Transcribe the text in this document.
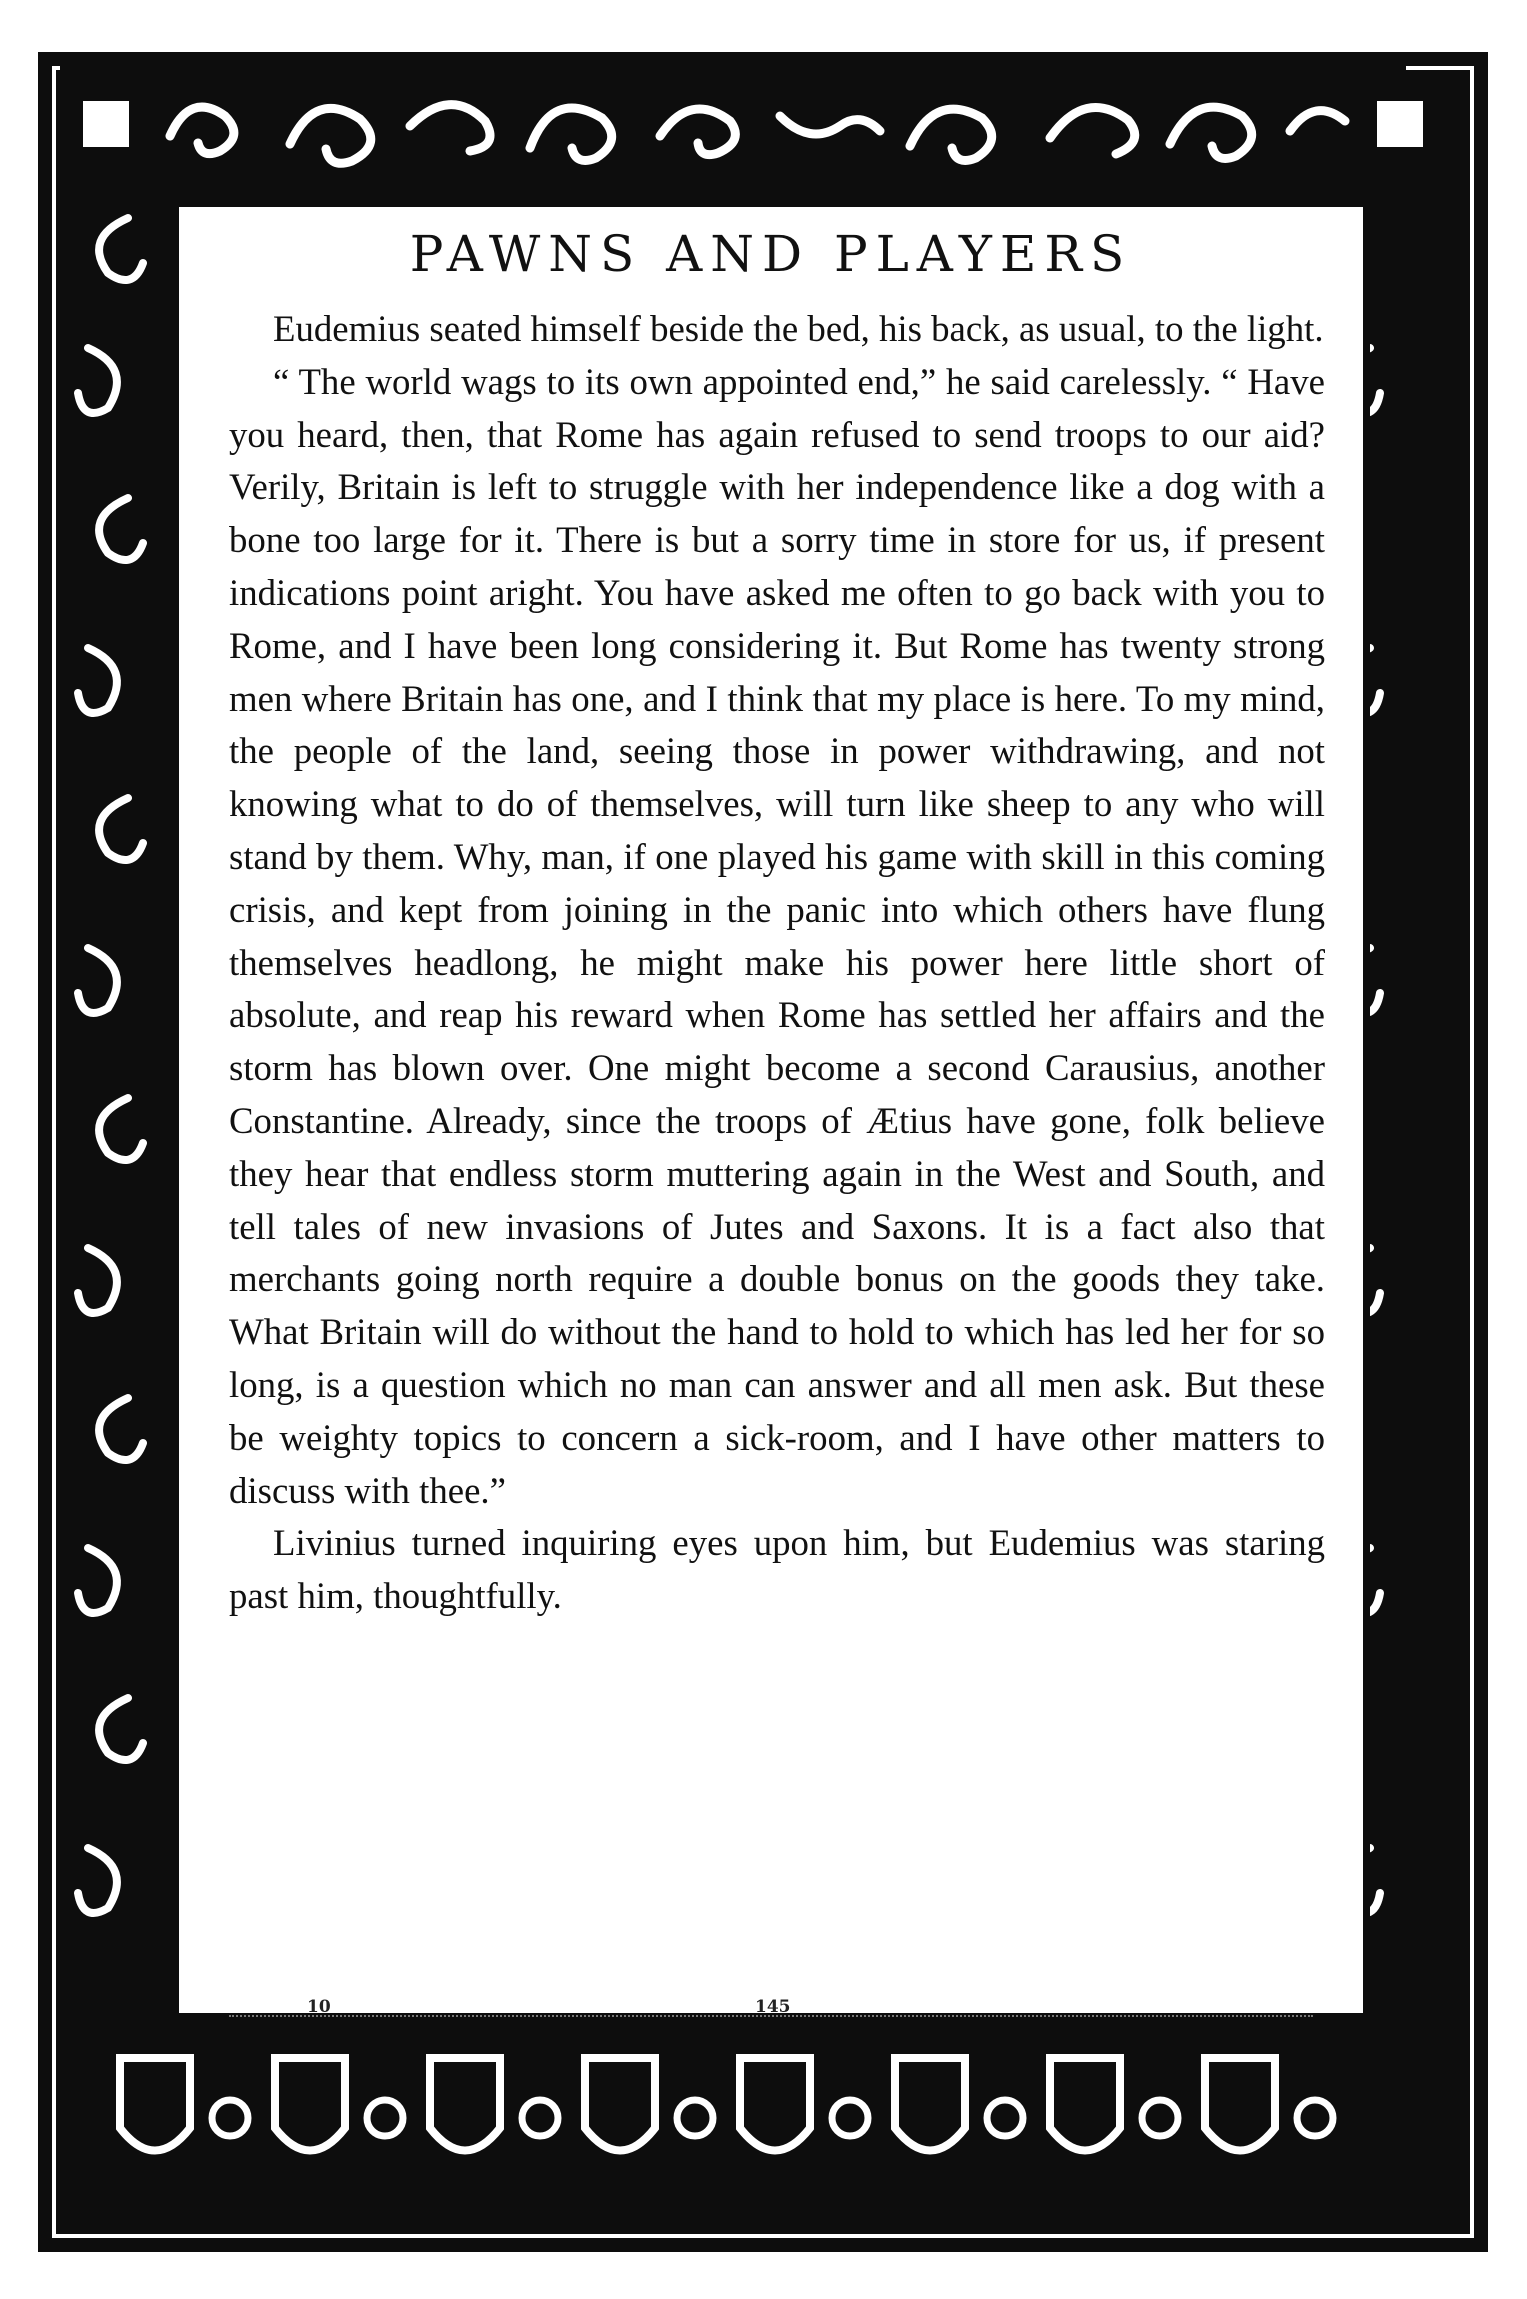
PAWNS AND PLAYERS

Eudemius seated himself beside the bed, his back, as usual, to the light.

“ The world wags to its own appointed end,” he said carelessly. “ Have you heard, then, that Rome has again refused to send troops to our aid? Verily, Britain is left to struggle with her independence like a dog with a bone too large for it. There is but a sorry time in store for us, if present indications point aright. You have asked me often to go back with you to Rome, and I have been long considering it. But Rome has twenty strong men where Britain has one, and I think that my place is here. To my mind, the people of the land, seeing those in power withdrawing, and not knowing what to do of themselves, will turn like sheep to any who will stand by them. Why, man, if one played his game with skill in this coming crisis, and kept from joining in the panic into which others have flung themselves headlong, he might make his power here little short of absolute, and reap his reward when Rome has settled her affairs and the storm has blown over. One might become a second Carausius, another Constantine. Already, since the troops of Ætius have gone, folk believe they hear that endless storm muttering again in the West and South, and tell tales of new invasions of Jutes and Saxons. It is a fact also that merchants going north require a double bonus on the goods they take. What Britain will do without the hand to hold to which has led her for so long, is a question which no man can answer and all men ask. But these be weighty topics to concern a sick-room, and I have other matters to discuss with thee.”

Livinius turned inquiring eyes upon him, but Eudemius was staring past him, thoughtfully.

10	145
